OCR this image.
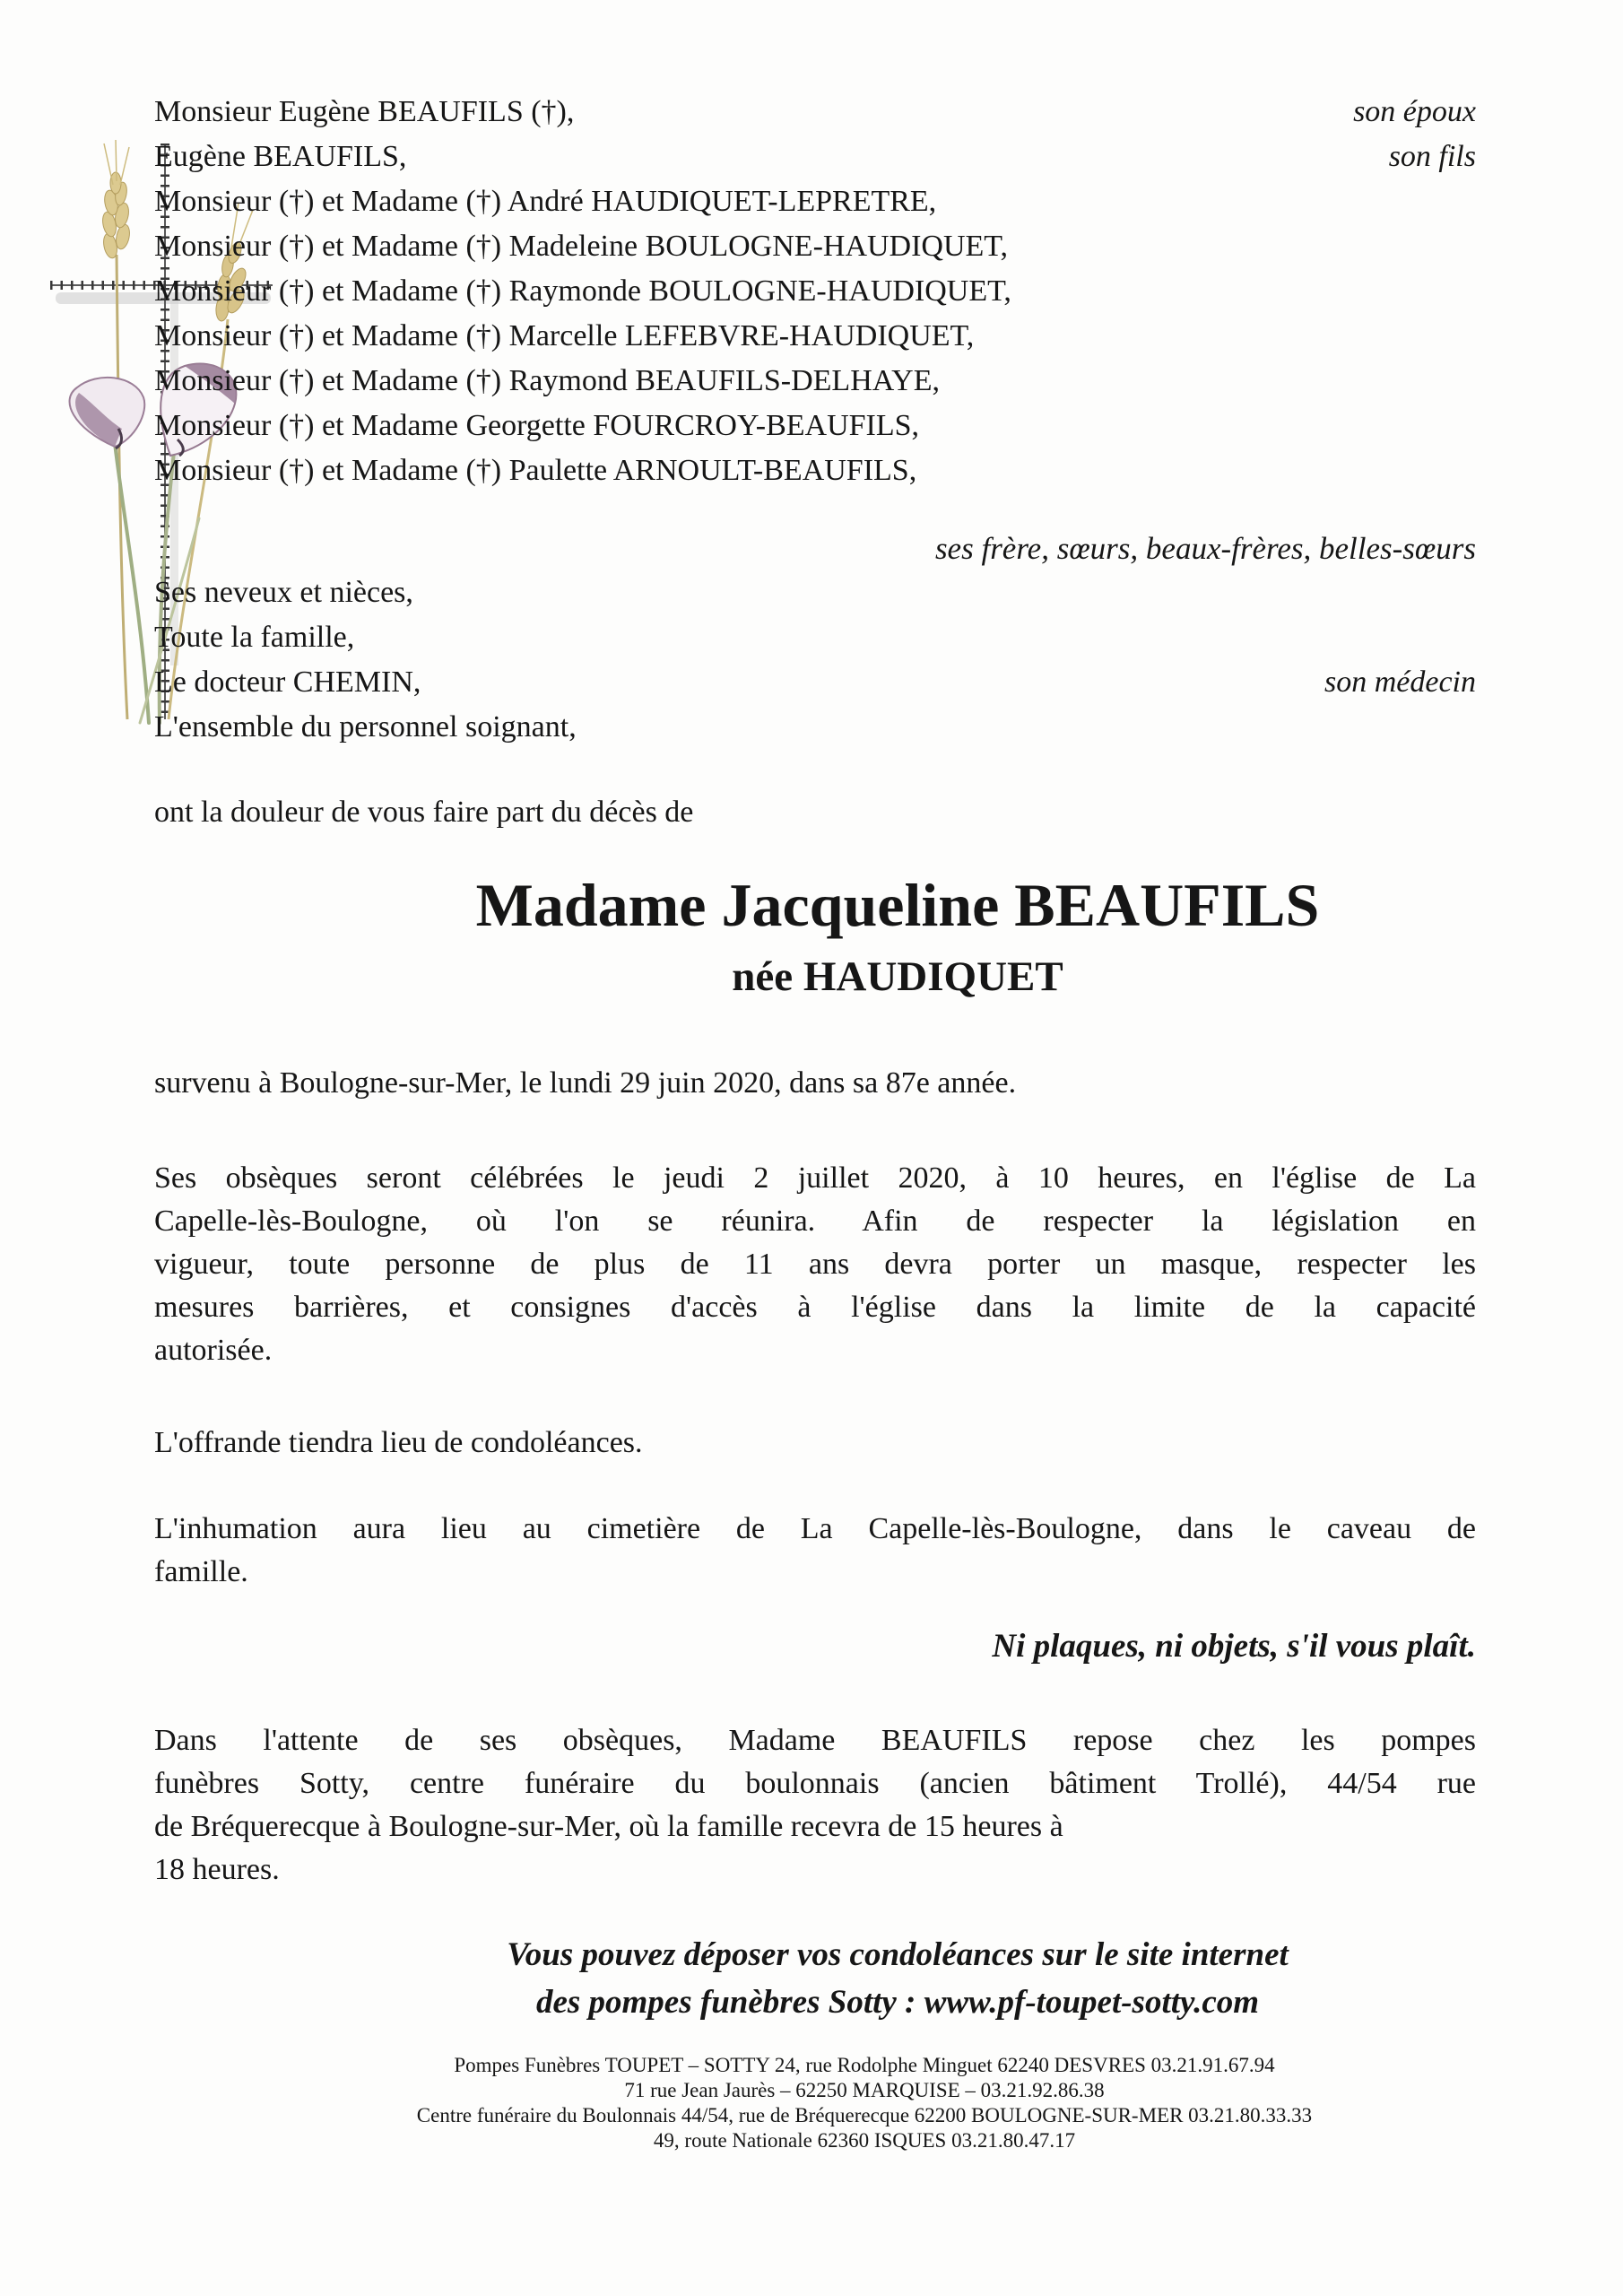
Monsieur Eugène BEAUFILS (†),	son époux
Eugène BEAUFILS,	son fils
Monsieur (†) et Madame (†) André HAUDIQUET-LEPRETRE,
Monsieur (†) et Madame (†) Madeleine BOULOGNE-HAUDIQUET,
Monsieur (†) et Madame (†) Raymonde BOULOGNE-HAUDIQUET,
Monsieur (†) et Madame (†) Marcelle LEFEBVRE-HAUDIQUET,
Monsieur (†) et Madame (†) Raymond BEAUFILS-DELHAYE,
Monsieur (†) et Madame Georgette FOURCROY-BEAUFILS,
Monsieur (†) et Madame (†) Paulette ARNOULT-BEAUFILS,
ses frère, sœurs, beaux-frères, belles-sœurs
Ses neveux et nièces,
Toute la famille,
Le docteur CHEMIN,	son médecin
L'ensemble du personnel soignant,
ont la douleur de vous faire part du décès de
Madame Jacqueline BEAUFILS
née HAUDIQUET
survenu à Boulogne-sur-Mer, le lundi 29 juin 2020, dans sa 87e année.
Ses obsèques seront célébrées le jeudi 2 juillet 2020, à 10 heures, en l'église de La
Capelle-lès-Boulogne, où l'on se réunira. Afin de respecter la législation en
vigueur, toute personne de plus de 11 ans devra porter un masque, respecter les
mesures barrières, et consignes d'accès à l'église dans la limite de la capacité
autorisée.
L'offrande tiendra lieu de condoléances.
L'inhumation aura lieu au cimetière de La Capelle-lès-Boulogne, dans le caveau de
famille.
Ni plaques, ni objets, s'il vous plaît.
Dans l'attente de ses obsèques, Madame BEAUFILS repose chez les pompes
funèbres Sotty, centre funéraire du boulonnais (ancien bâtiment Trollé), 44/54 rue
de Bréquerecque à Boulogne-sur-Mer, où la famille recevra de 15 heures à
18 heures.
Vous pouvez déposer vos condoléances sur le site internet
des pompes funèbres Sotty : www.pf-toupet-sotty.com
Pompes Funèbres TOUPET – SOTTY 24, rue Rodolphe Minguet 62240 DESVRES 03.21.91.67.94
71 rue Jean Jaurès – 62250 MARQUISE – 03.21.92.86.38
Centre funéraire du Boulonnais 44/54, rue de Bréquerecque 62200 BOULOGNE-SUR-MER 03.21.80.33.33
49, route Nationale 62360 ISQUES 03.21.80.47.17
